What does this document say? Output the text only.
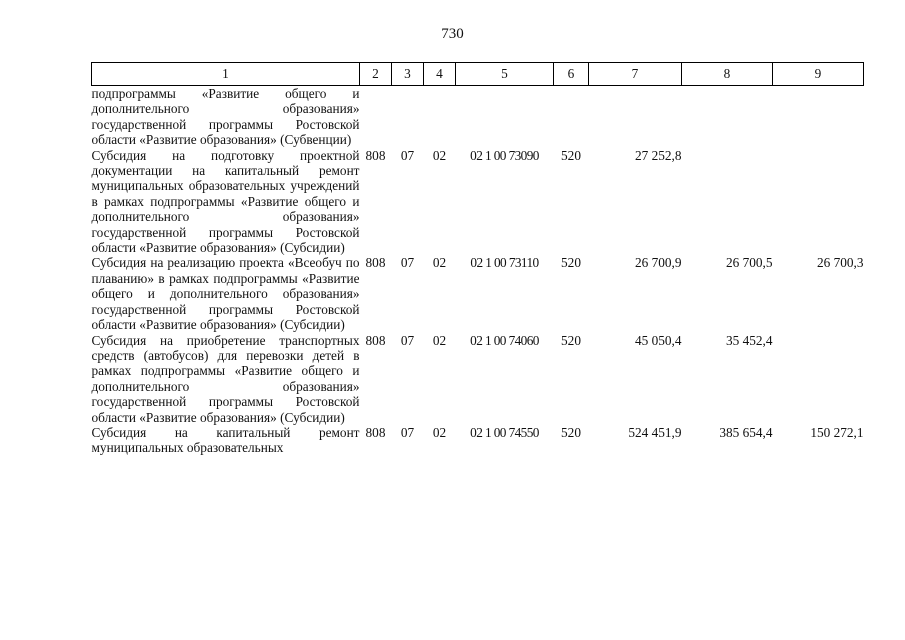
730
1	2	3	4	5	6	7	8	9
подпрограммы «Развитие общего и дополнительного образования» государственной программы Ростовской области «Развитие образования» (Субвенции)								
Субсидия на подготовку проектной документации на капитальный ремонт муниципальных образовательных учреждений в рамках подпрограммы «Развитие общего и дополнительного образования» государственной программы Ростовской области «Развитие образования» (Субсидии)	808	07	02	02 1 00 73090	520	27 252,8		
Субсидия на реализацию проекта «Всеобуч по плаванию» в рамках подпрограммы «Развитие общего и дополнительного образования» государственной программы Ростовской области «Развитие образования» (Субсидии)	808	07	02	02 1 00 73110	520	26 700,9	26 700,5	26 700,3
Субсидия на приобретение транспортных средств (автобусов) для перевозки детей в рамках подпрограммы «Развитие общего и дополнительного образования» государственной программы Ростовской области «Развитие образования» (Субсидии)	808	07	02	02 1 00 74060	520	45 050,4	35 452,4	
Субсидия на капитальный ремонт муниципальных образовательных	808	07	02	02 1 00 74550	520	524 451,9	385 654,4	150 272,1
